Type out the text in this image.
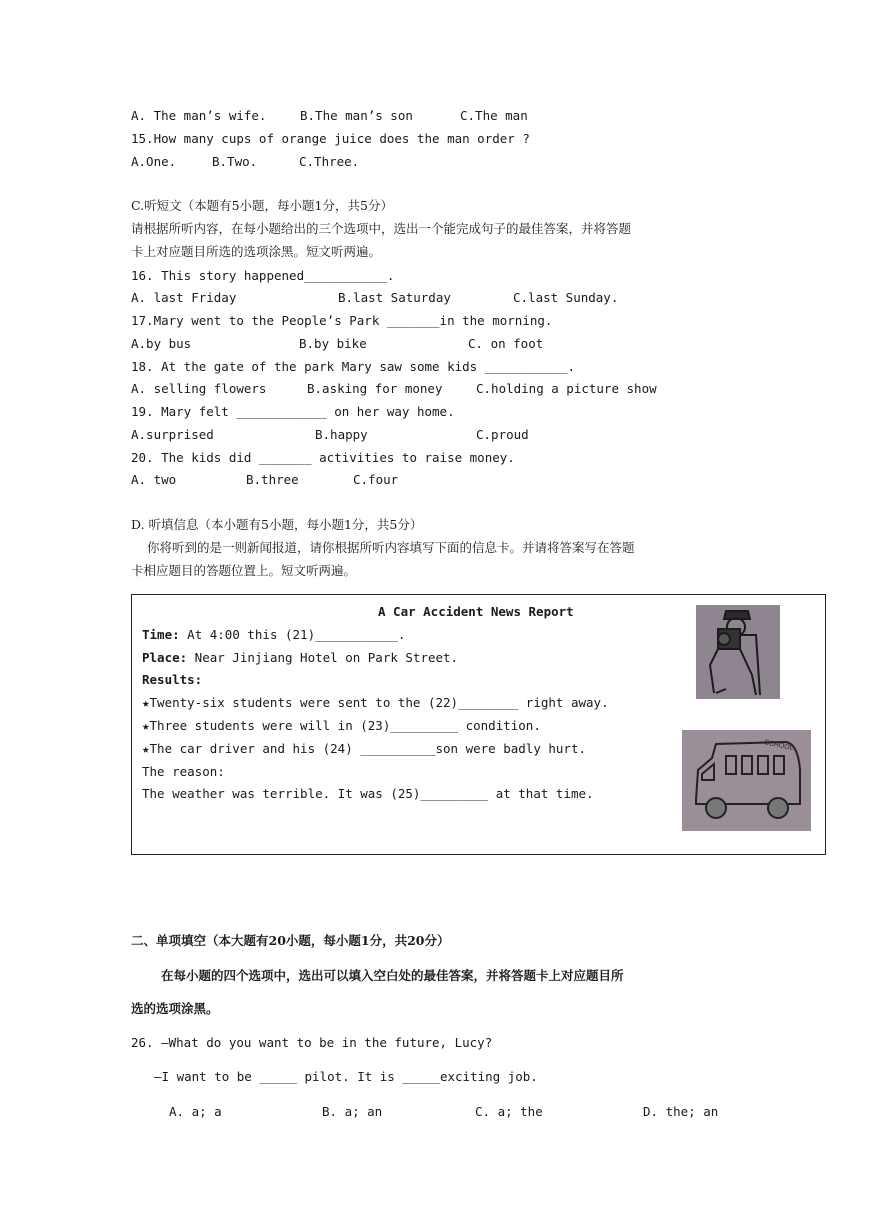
A. The man’s wife.	B.The man’s son	C.The man
15.How many cups of orange juice does the man order ?
A.One.	B.Two.	C.Three.
C.听短文（本题有5小题，每小题1分，共5分）
请根据所听内容，在每小题给出的三个选项中，选出一个能完成句子的最佳答案，并将答题
卡上对应题目所选的选项涂黑。短文听两遍。
16. This story happened___________.
A. last Friday	B.last Saturday	C.last Sunday.
17.Mary went to the People’s Park _______in the morning.
A.by bus	B.by bike	C. on foot
18. At the gate of the park Mary saw some kids ___________.
A. selling flowers	B.asking for money	C.holding a picture show
19. Mary felt ____________ on her way home.
A.surprised	B.happy	C.proud
20. The kids did _______ activities to raise money.
A. two	B.three	C.four
D. 听填信息（本小题有5小题，每小题1分，共5分）
你将听到的是一则新闻报道，请你根据所听内容填写下面的信息卡。并请将答案写在答题
卡相应题目的答题位置上。短文听两遍。
A Car Accident News Report
Time: At 4:00 this (21)___________.
Place: Near Jinjiang Hotel on Park Street.
Results:
★Twenty-six students were sent to the (22)________ right away.
★Three students were will in (23)_________ condition.
★The car driver and his (24) __________son were badly hurt.
The reason:
The weather was terrible. It was (25)_________ at that time.
SCHOOL
二、单项填空（本大题有20小题，每小题1分，共20分）
在每小题的四个选项中，选出可以填入空白处的最佳答案，并将答题卡上对应题目所
选的选项涂黑。
26. —What do you want to be in the future, Lucy?
—I want to be _____ pilot. It is _____exciting job.
A. a; a	B. a; an	C. a; the	D. the; an
